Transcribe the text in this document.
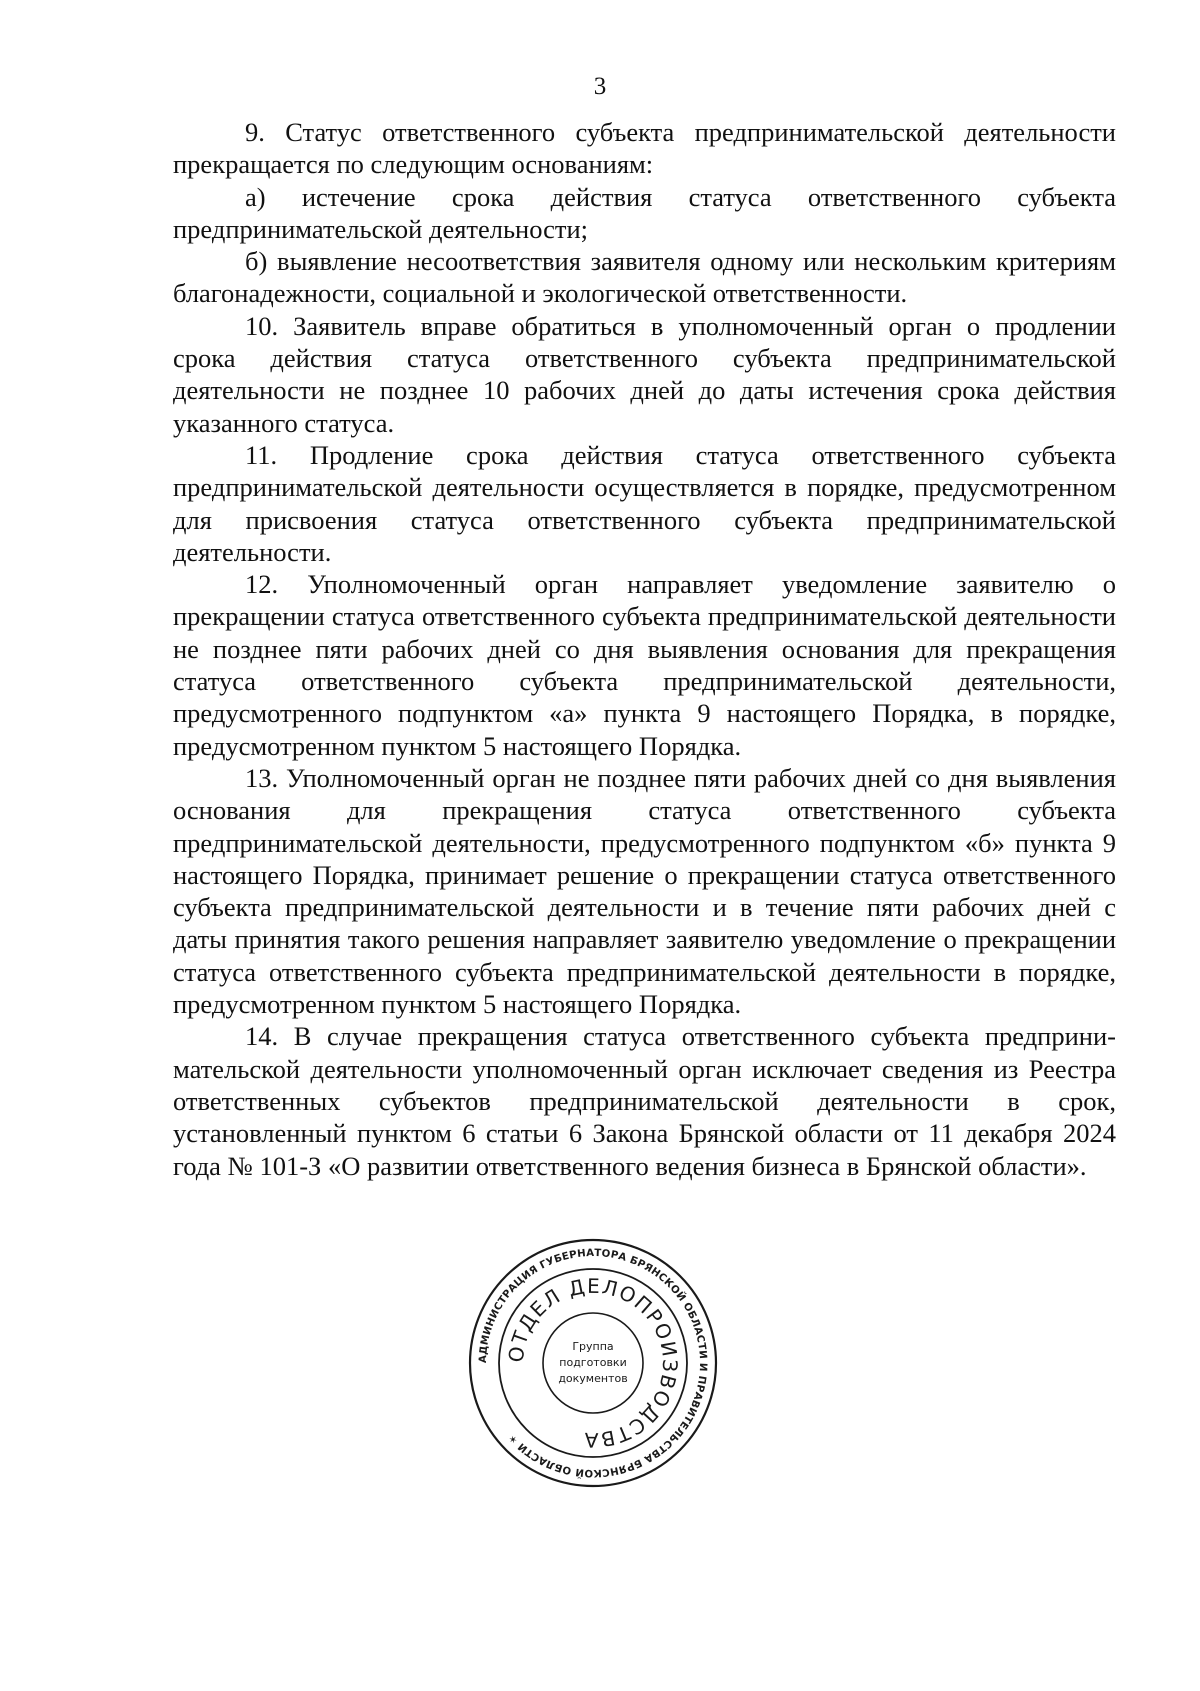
3

9. Статус ответственного субъекта предпринимательской деятельности прекращается по следующим основаниям:

а) истечение срока действия статуса ответственного субъекта предпринимательской деятельности;

б) выявление несоответствия заявителя одному или нескольким критериям благонадежности, социальной и экологической ответственности.

10. Заявитель вправе обратиться в уполномоченный орган о продлении срока действия статуса ответственного субъекта предпринимательской деятельности не позднее 10 рабочих дней до даты истечения срока действия указанного статуса.

11. Продление срока действия статуса ответственного субъекта предпринимательской деятельности осуществляется в порядке, предусмотренном для присвоения статуса ответственного субъекта предпринимательской деятельности.

12. Уполномоченный орган направляет уведомление заявителю о прекращении статуса ответственного субъекта предпринимательской деятельности не позднее пяти рабочих дней со дня выявления основания для прекращения статуса ответственного субъекта предпринимательской деятельности, предусмотренного подпунктом «а» пункта 9 настоящего Порядка, в порядке, предусмотренном пунктом 5 настоящего Порядка.

13. Уполномоченный орган не позднее пяти рабочих дней со дня выявления основания для прекращения статуса ответственного субъекта предпринимательской деятельности, предусмотренного подпунктом «б» пункта 9 настоящего Порядка, принимает решение о прекращении статуса ответственного субъекта предпринимательской деятельности и в течение пяти рабочих дней с даты принятия такого решения направляет заявителю уведомление о прекращении статуса ответственного субъекта предпринимательской деятельности в порядке, предусмотренном пунктом 5 настоящего Порядка.

14. В случае прекращения статуса ответственного субъекта предпринимательской деятельности уполномоченный орган исключает сведения из Реестра ответственных субъектов предпринимательской деятельности в срок, установленный пунктом 6 статьи 6 Закона Брянской области от 11 декабря 2024 года № 101-З «О развитии ответственного ведения бизнеса в Брянской области».

АДМИНИСТРАЦИЯ ГУБЕРНАТОРА БРЯНСКОЙ ОБЛАСТИ И ПРАВИТЕЛЬСТВА БРЯНСКОЙ ОБЛАСТИ ✶
ОТДЕЛ ДЕЛОПРОИЗВОДСТВА
Группа
подготовки
документов
